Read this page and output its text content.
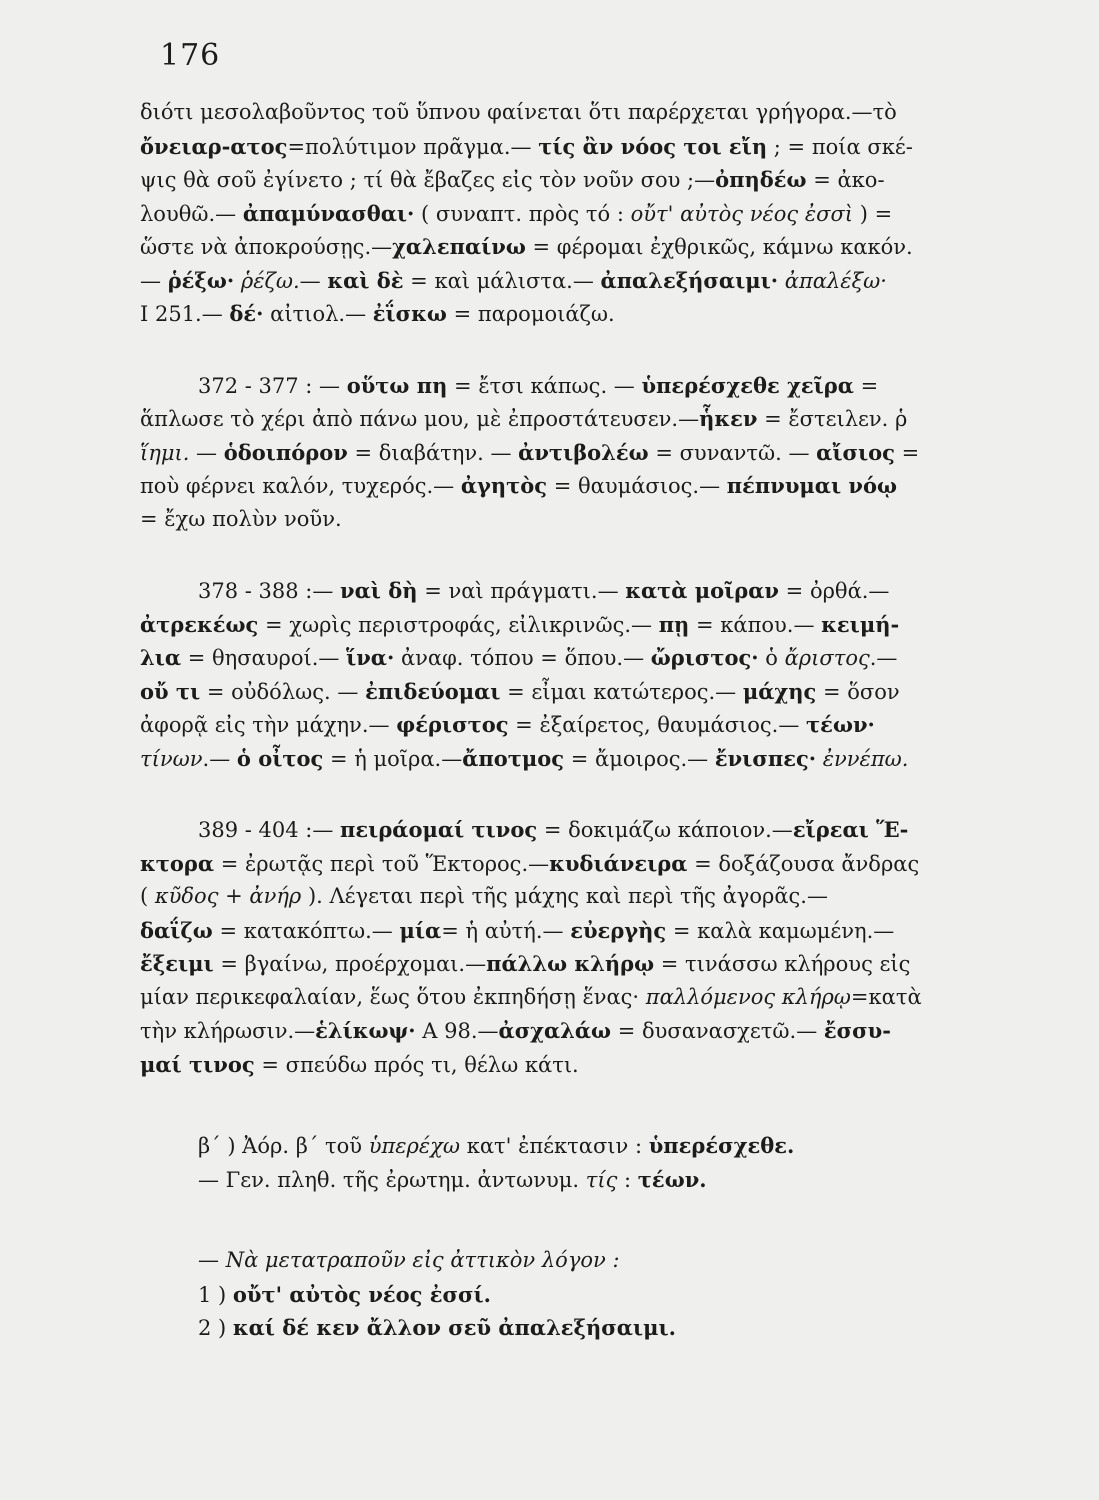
176
διότι μεσολαβοῦντος τοῦ ὕπνου φαίνεται ὅτι παρέρχεται γρήγορα.—τὸ
ὄνειαρ-ατος=πολύτιμον πρᾶγμα.— τίς ἂν νόος τοι εἴη ; = ποία σκέ-
ψις θὰ σοῦ ἐγίνετο ; τί θὰ ἔβαζες εἰς τὸν νοῦν σου ;—ὀπηδέω = ἀκο-
λουθῶ.— ἀπαμύνασθαι· ( συναπτ. πρὸς τό : οὔτ' αὐτὸς νέος ἐσσὶ ) =
ὥστε νὰ ἀποκρούσῃς.—χαλεπαίνω = φέρομαι ἐχθρικῶς, κάμνω κακόν.
— ῥέξω· ῥέζω.— καὶ δὲ = καὶ μάλιστα.— ἀπαλεξήσαιμι· ἀπαλέξω·
Ι 251.— δέ· αἰτιολ.— ἐΐσκω = παρομοιάζω.
372 - 377 : — οὕτω πη = ἔτσι κάπως. — ὑπερέσχεθε χεῖρα =
ἅπλωσε τὸ χέρι ἀπὸ πάνω μου, μὲ ἐπροστάτευσεν.—ἧκεν = ἔστειλεν. ῥ
ἵημι. — ὁδοιπόρον = διαβάτην. — ἀντιβολέω = συναντῶ. — αἴσιος =
ποὺ φέρνει καλόν, τυχερός.— ἀγητὸς = θαυμάσιος.— πέπνυμαι νόῳ
= ἔχω πολὺν νοῦν.
378 - 388 :— ναὶ δὴ = ναὶ πράγματι.— κατὰ μοῖραν = ὀρθά.—
ἀτρεκέως = χωρὶς περιστροφάς, εἰλικρινῶς.— πῃ = κάπου.— κειμή-
λια = θησαυροί.— ἵνα· ἀναφ. τόπου = ὅπου.— ὤριστος· ὁ ἄριστος.—
οὔ τι = οὐδόλως. — ἐπιδεύομαι = εἶμαι κατώτερος.— μάχης = ὅσον
ἀφορᾷ εἰς τὴν μάχην.— φέριστος = ἐξαίρετος, θαυμάσιος.— τέων·
τίνων.— ὁ οἶτος = ἡ μοῖρα.—ἄποτμος = ἄμοιρος.— ἔνισπες· ἐννέπω.
389 - 404 :— πειράομαί τινος = δοκιμάζω κάποιον.—εἴρεαι Ἕ-
κτορα = ἐρωτᾷς περὶ τοῦ Ἕκτορος.—κυδιάνειρα = δοξάζουσα ἄνδρας
( κῦδος + ἀνήρ ). Λέγεται περὶ τῆς μάχης καὶ περὶ τῆς ἀγορᾶς.—
δαΐζω = κατακόπτω.— μία= ἡ αὐτή.— εὐεργὴς = καλὰ καμωμένη.—
ἔξειμι = βγαίνω, προέρχομαι.—πάλλω κλήρῳ = τινάσσω κλήρους εἰς
μίαν περικεφαλαίαν, ἕως ὅτου ἐκπηδήσῃ ἕνας· παλλόμενος κλήρῳ=κατὰ
τὴν κλήρωσιν.—ἑλίκωψ· Α 98.—ἀσχαλάω = δυσανασχετῶ.— ἔσσυ-
μαί τινος = σπεύδω πρός τι, θέλω κάτι.
β΄ ) Ἀόρ. β΄ τοῦ ὑπερέχω κατ' ἐπέκτασιν : ὑπερέσχεθε.
— Γεν. πληθ. τῆς ἐρωτημ. ἀντωνυμ. τίς : τέων.
— Νὰ μετατραποῦν εἰς ἀττικὸν λόγον :
1 ) οὔτ' αὐτὸς νέος ἐσσί.
2 ) καί δέ κεν ἄλλον σεῦ ἀπαλεξήσαιμι.
